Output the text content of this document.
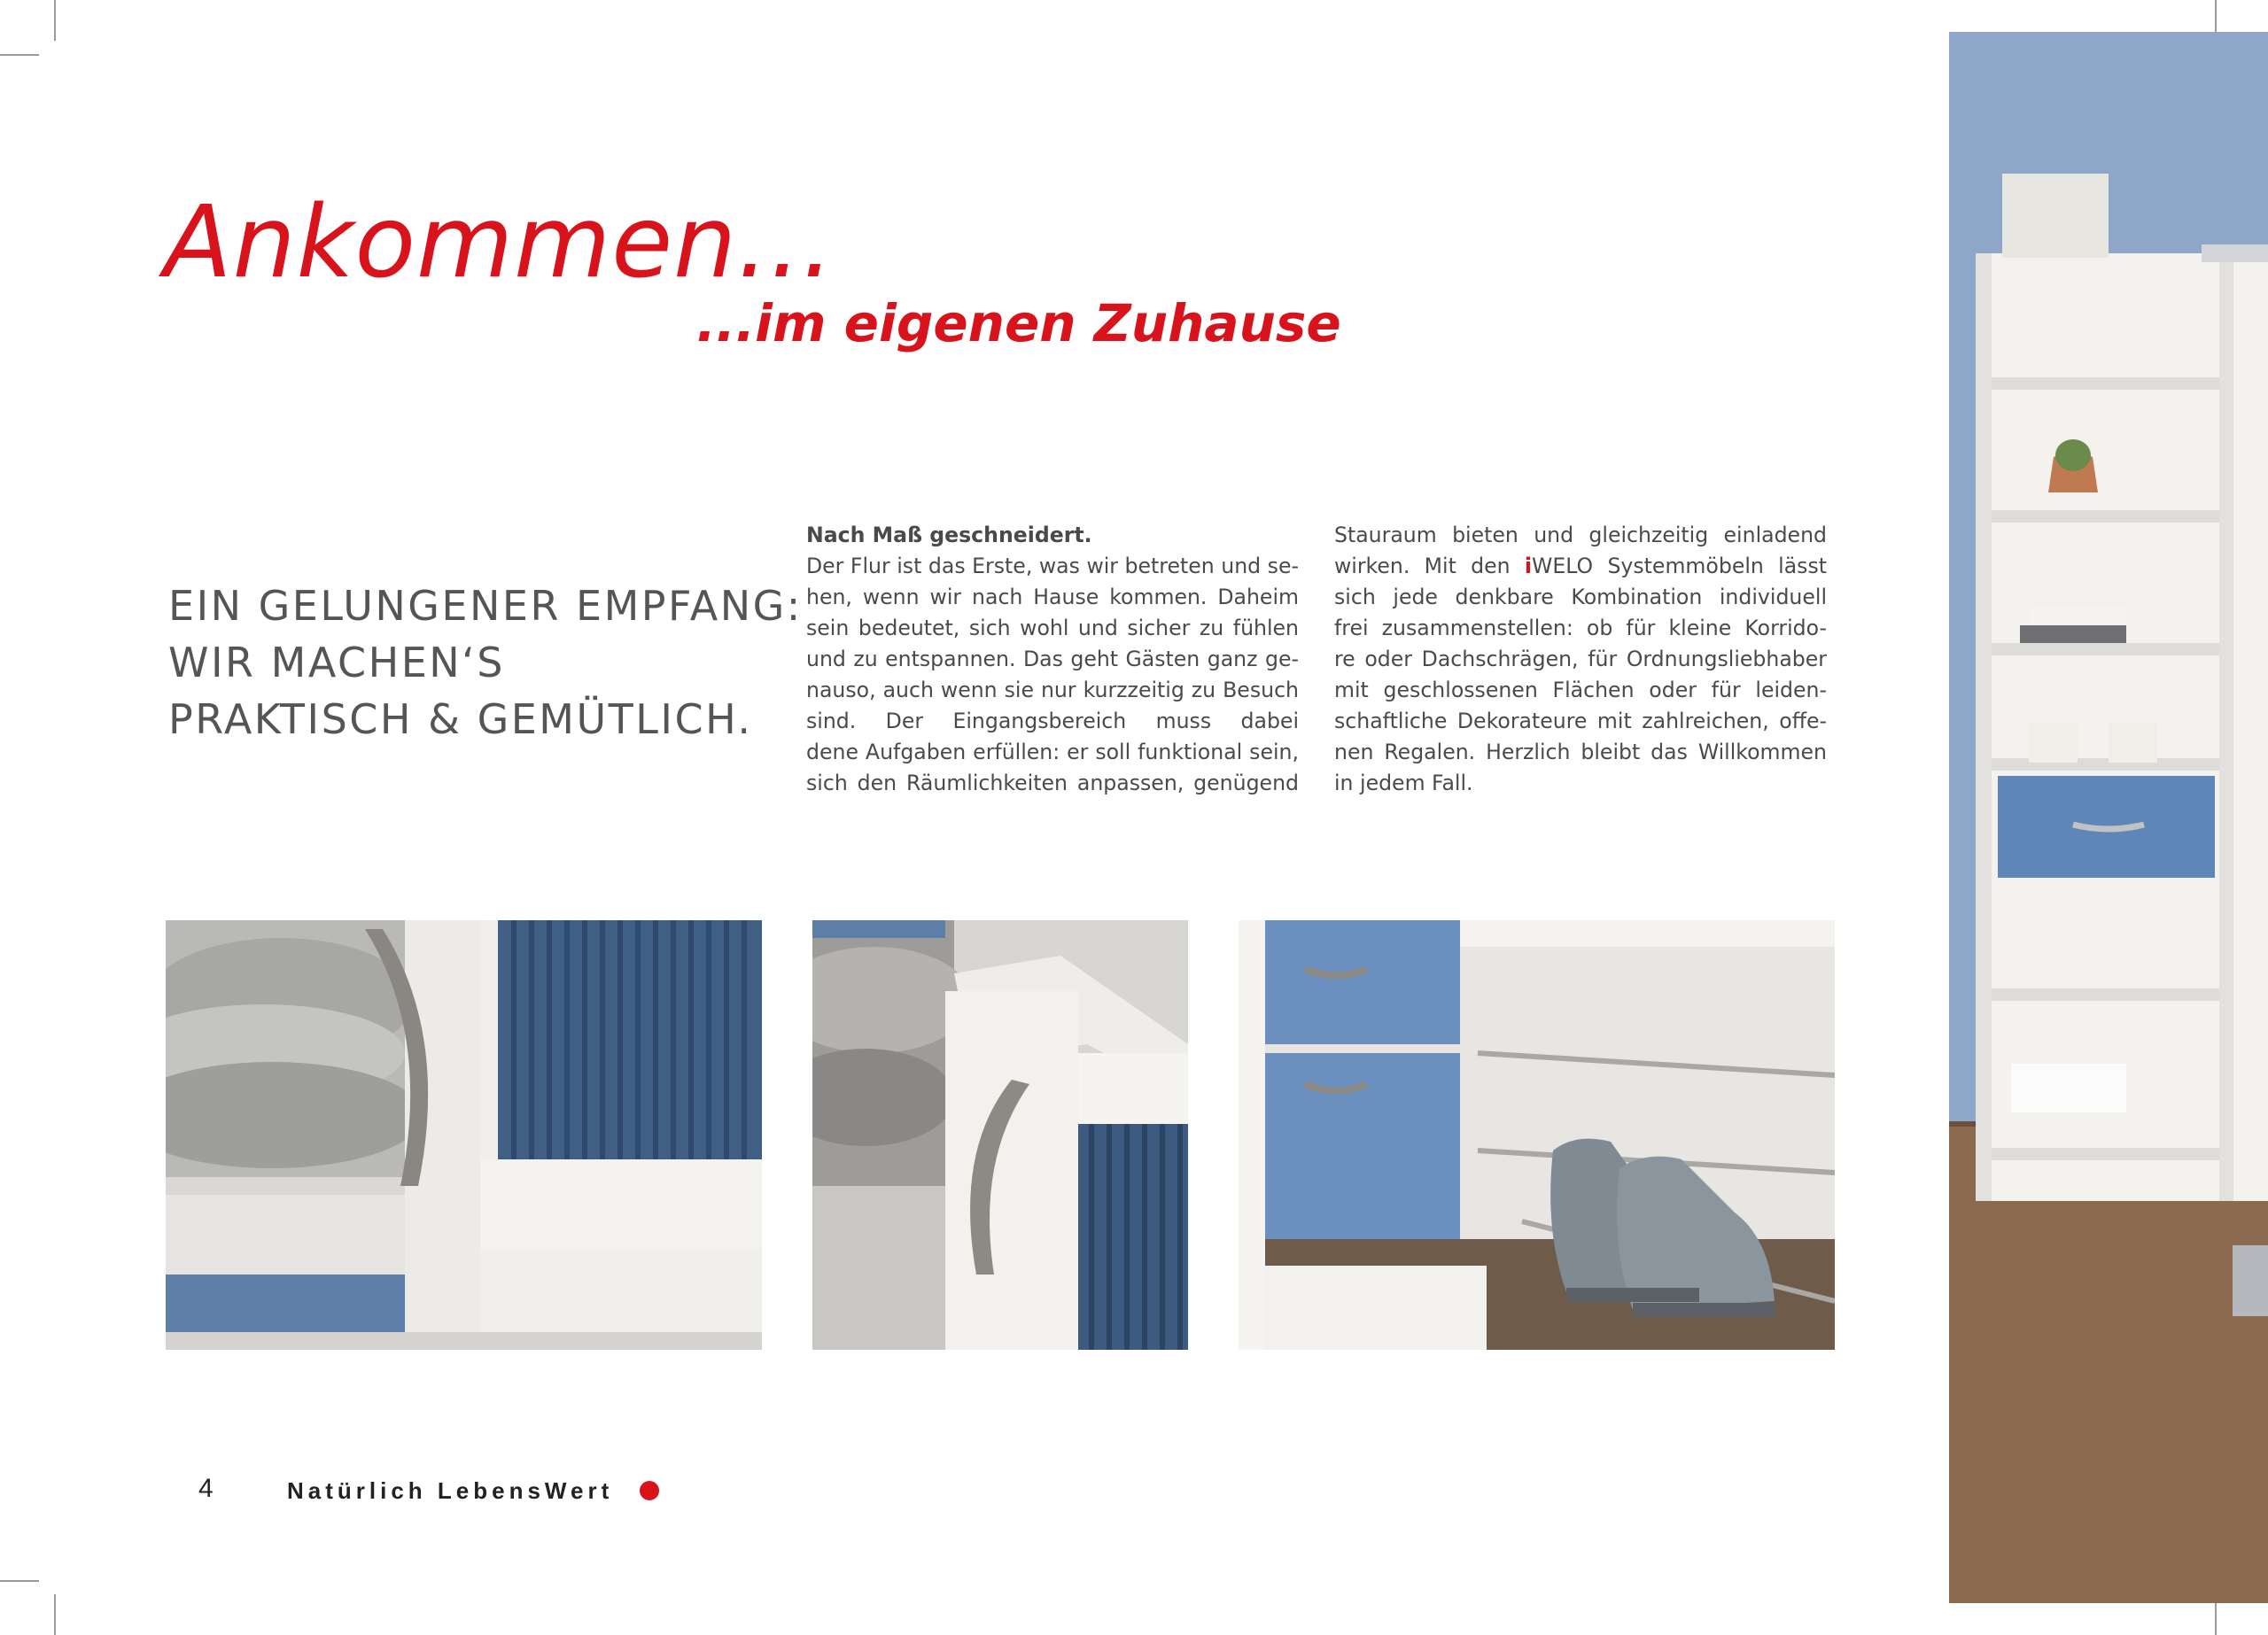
Ankommen...
...im eigenen Zuhause
EIN GELUNGENER EMPFANG:
WIR MACHEN‘S
PRAKTISCH & GEMÜTLICH.
Nach Maß geschneidert.
Der Flur ist das Erste, was wir betreten und se-
hen, wenn wir nach Hause kommen. Daheim
sein bedeutet, sich wohl und sicher zu fühlen
und zu entspannen. Das geht Gästen ganz ge-
nauso, auch wenn sie nur kurzzeitig zu Besuch
sind. Der Eingangsbereich muss dabei
dene Aufgaben erfüllen: er soll funktional sein,
sich den Räumlichkeiten anpassen, genügend
Stauraum bieten und gleichzeitig einladend
wirken. Mit den iWELO Systemmöbeln lässt
sich jede denkbare Kombination individuell
frei zusammenstellen: ob für kleine Korrido-
re oder Dachschrägen, für Ordnungsliebhaber
mit geschlossenen Flächen oder für leiden-
schaftliche Dekorateure mit zahlreichen, offe-
nen Regalen. Herzlich bleibt das Willkommen
in jedem Fall.
4	Natürlich LebensWert
